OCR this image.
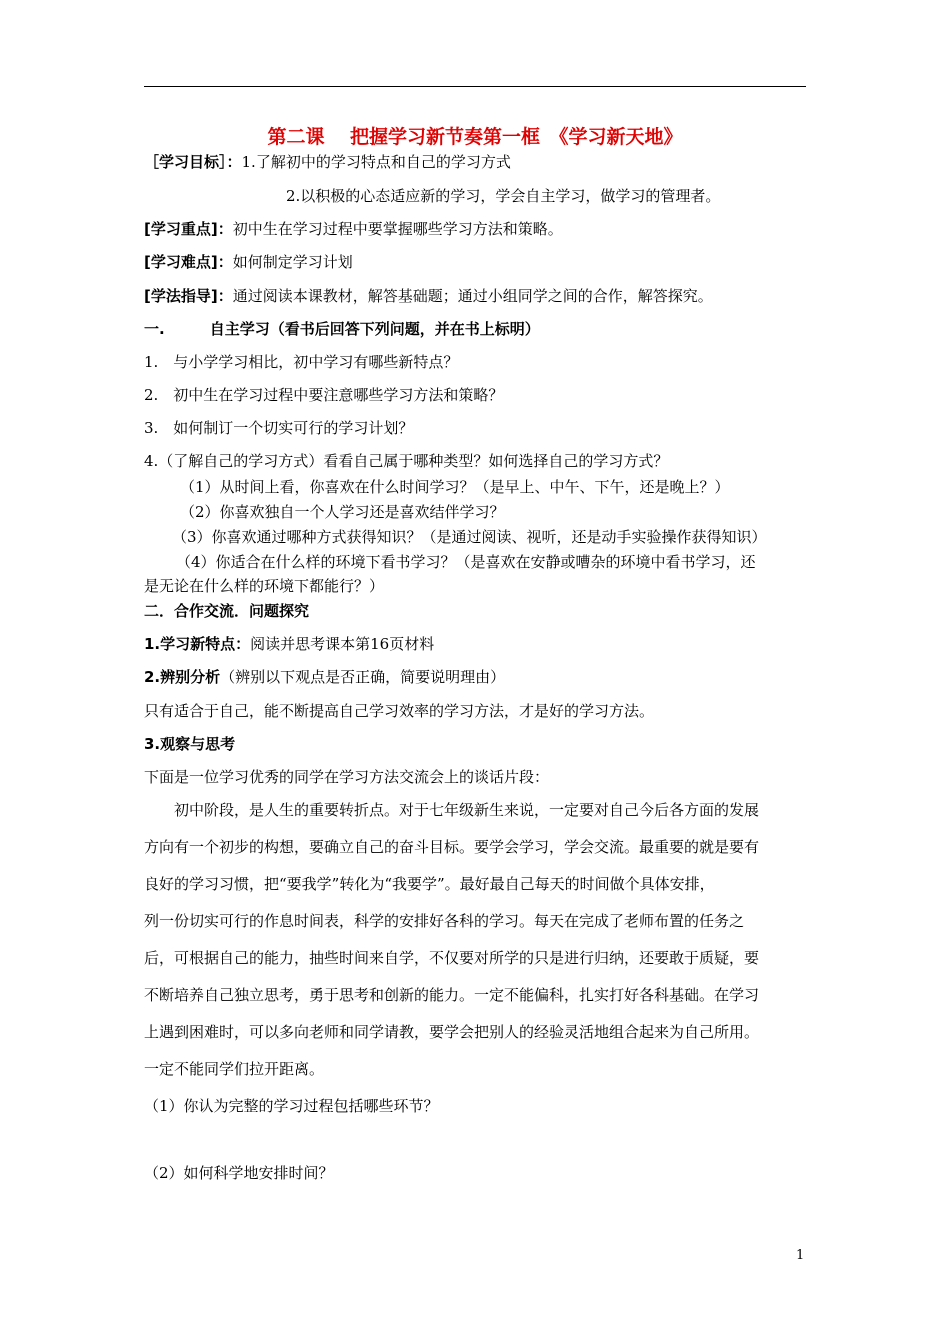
第二课　 把握学习新节奏第一框　《学习新天地》
［学习目标］：1.了解初中的学习特点和自己的学习方式
2.以积极的心态适应新的学习，学会自主学习，做学习的管理者。
[学习重点]：初中生在学习过程中要掌握哪些学习方法和策略。
[学习难点]：如何制定学习计划
[学法指导]：通过阅读本课教材，解答基础题；通过小组同学之间的合作，解答探究。
一.　　　自主学习（看书后回答下列问题，并在书上标明）
1.　与小学学习相比，初中学习有哪些新特点？
2.　初中生在学习过程中要注意哪些学习方法和策略？
3.　如何制订一个切实可行的学习计划？
4.（了解自己的学习方式）看看自己属于哪种类型？如何选择自己的学习方式？
（1）从时间上看，你喜欢在什么时间学习？（是早上、中午、下午，还是晚上？）
（2）你喜欢独自一个人学习还是喜欢结伴学习？
（3）你喜欢通过哪种方式获得知识？（是通过阅读、视听，还是动手实验操作获得知识）
（4）你适合在什么样的环境下看书学习？（是喜欢在安静或嘈杂的环境中看书学习，还
是无论在什么样的环境下都能行？）
二．合作交流．问题探究
1.学习新特点：阅读并思考课本第16页材料
2.辨别分析（辨别以下观点是否正确，简要说明理由）
只有适合于自己，能不断提高自己学习效率的学习方法，才是好的学习方法。
3.观察与思考
下面是一位学习优秀的同学在学习方法交流会上的谈话片段：
　　初中阶段，是人生的重要转折点。对于七年级新生来说，一定要对自己今后各方面的发展
方向有一个初步的构想，要确立自己的奋斗目标。要学会学习，学会交流。最重要的就是要有
良好的学习习惯，把“要我学”转化为“我要学”。最好最自己每天的时间做个具体安排，
列一份切实可行的作息时间表，科学的安排好各科的学习。每天在完成了老师布置的任务之
后，可根据自己的能力，抽些时间来自学，不仅要对所学的只是进行归纳，还要敢于质疑，要
不断培养自己独立思考，勇于思考和创新的能力。一定不能偏科，扎实打好各科基础。在学习
上遇到困难时，可以多向老师和同学请教，要学会把别人的经验灵活地组合起来为自己所用。
一定不能同学们拉开距离。
（1）你认为完整的学习过程包括哪些环节？
（2）如何科学地安排时间？
1
